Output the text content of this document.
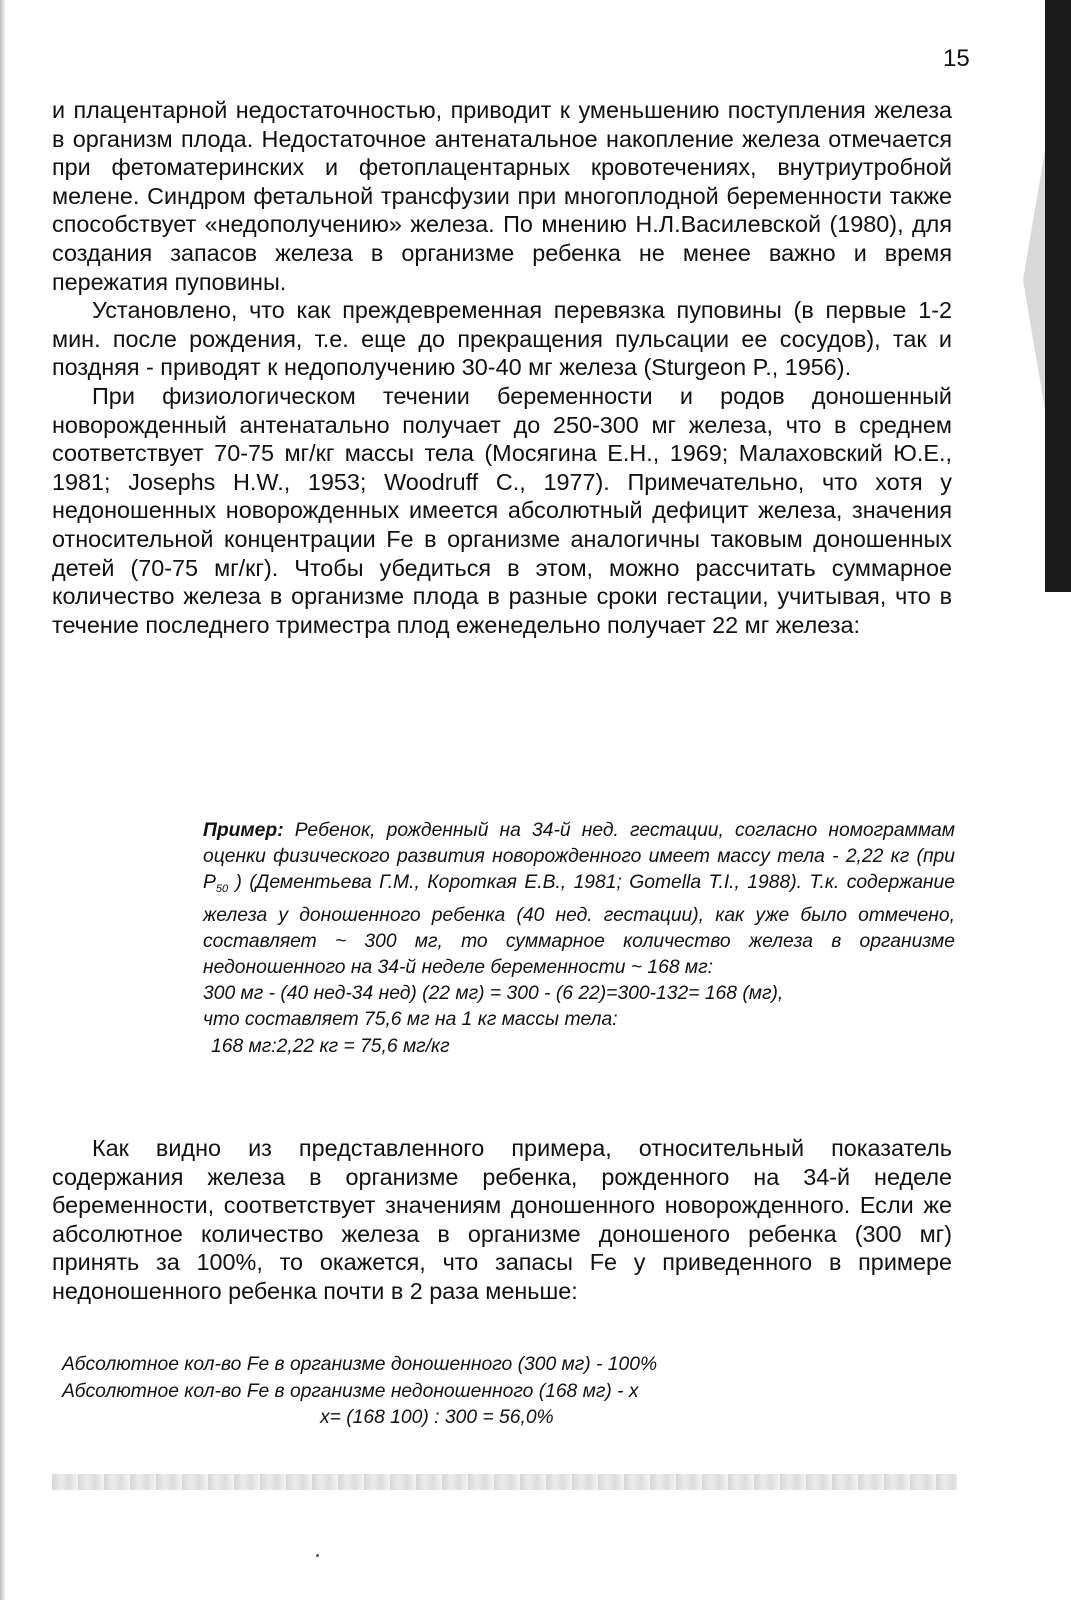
15

и плацентарной недостаточностью, приводит к уменьшению поступления железа в организм плода. Недостаточное антенатальное накопление железа отмечается при фетоматеринских и фетоплацентарных кровотечениях, внутриутробной мелене. Синдром фетальной трансфузии при многоплодной беременности также способствует «недополучению» железа. По мнению Н.Л.Василевской (1980), для создания запасов железа в организме ребенка не менее важно и время пережатия пуповины.

Установлено, что как преждевременная перевязка пуповины (в первые 1-2 мин. после рождения, т.е. еще до прекращения пульсации ее сосудов), так и поздняя - приводят к недополучению 30-40 мг железа (Sturgeon P., 1956).

При физиологическом течении беременности и родов доношенный новорожденный антенатально получает до 250-300 мг железа, что в среднем соответствует 70-75 мг/кг массы тела (Мосягина Е.Н., 1969; Малаховский Ю.Е., 1981; Josephs H.W., 1953; Woodruff C., 1977). Примечательно, что хотя у недоношенных новорожденных имеется абсолютный дефицит железа, значения относительной концентрации Fe в организме аналогичны таковым доношенных детей (70-75 мг/кг). Чтобы убедиться в этом, можно рассчитать суммарное количество железа в организме плода в разные сроки гестации, учитывая, что в течение последнего триместра плод еженедельно получает 22 мг железа:

Пример: Ребенок, рожденный на 34-й нед. гестации, согласно номограммам оценки физического развития новорожденного имеет массу тела - 2,22 кг (при $P_{50}$ ) (Дементьева Г.М., Короткая Е.В., 1981; Gomella T.I., 1988). Т.к. содержание железа у доношенного ребенка (40 нед. гестации), как уже было отмечено, составляет ~ 300 мг, то суммарное количество железа в организме недоношенного на 34-й неделе беременности ~ 168 мг:
300 мг - (40 нед-34 нед) (22 мг) = 300 - (6 22)=300-132= 168 (мг),
что составляет 75,6 мг на 1 кг массы тела:
168 мг:2,22 кг = 75,6 мг/кг

Как видно из представленного примера, относительный показатель содержания железа в организме ребенка, рожденного на 34-й неделе беременности, соответствует значениям доношенного новорожденного. Если же абсолютное количество железа в организме доношеного ребенка (300 мг) принять за 100%, то окажется, что запасы Fe у приведенного в примере недоношенного ребенка почти в 2 раза меньше:

Абсолютное кол-во Fe в организме доношенного (300 мг) - 100%
Абсолютное кол-во Fe в организме недоношенного (168 мг) - x
x= (168 100) : 300 = 56,0%
